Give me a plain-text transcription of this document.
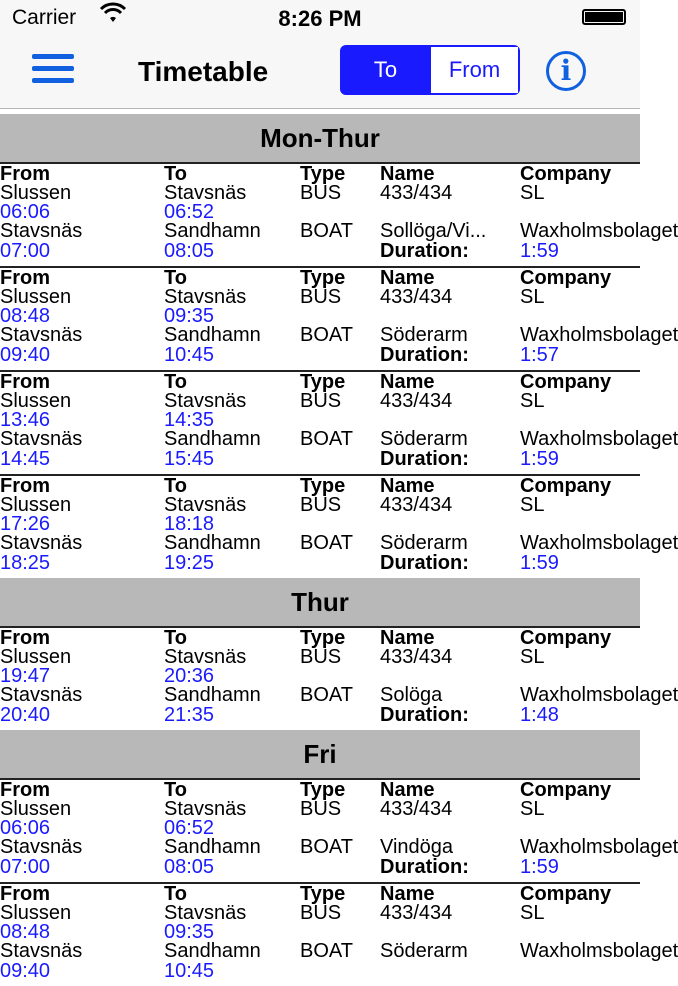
Carrier	8:26 PM
Timetable	To	From	i
Mon-Thur
From	To	Type	Name	Company
Slussen	Stavsnäs	BUS	433/434	SL
06:06	06:52
Stavsnäs	Sandhamn	BOAT	Sollöga/Vi...	Waxholmsbolaget
07:00	08:05	Duration:	1:59
From	To	Type	Name	Company
Slussen	Stavsnäs	BUS	433/434	SL
08:48	09:35
Stavsnäs	Sandhamn	BOAT	Söderarm	Waxholmsbolaget
09:40	10:45	Duration:	1:57
From	To	Type	Name	Company
Slussen	Stavsnäs	BUS	433/434	SL
13:46	14:35
Stavsnäs	Sandhamn	BOAT	Söderarm	Waxholmsbolaget
14:45	15:45	Duration:	1:59
From	To	Type	Name	Company
Slussen	Stavsnäs	BUS	433/434	SL
17:26	18:18
Stavsnäs	Sandhamn	BOAT	Söderarm	Waxholmsbolaget
18:25	19:25	Duration:	1:59
Thur
From	To	Type	Name	Company
Slussen	Stavsnäs	BUS	433/434	SL
19:47	20:36
Stavsnäs	Sandhamn	BOAT	Solöga	Waxholmsbolaget
20:40	21:35	Duration:	1:48
Fri
From	To	Type	Name	Company
Slussen	Stavsnäs	BUS	433/434	SL
06:06	06:52
Stavsnäs	Sandhamn	BOAT	Vindöga	Waxholmsbolaget
07:00	08:05	Duration:	1:59
From	To	Type	Name	Company
Slussen	Stavsnäs	BUS	433/434	SL
08:48	09:35
Stavsnäs	Sandhamn	BOAT	Söderarm	Waxholmsbolaget
09:40	10:45
